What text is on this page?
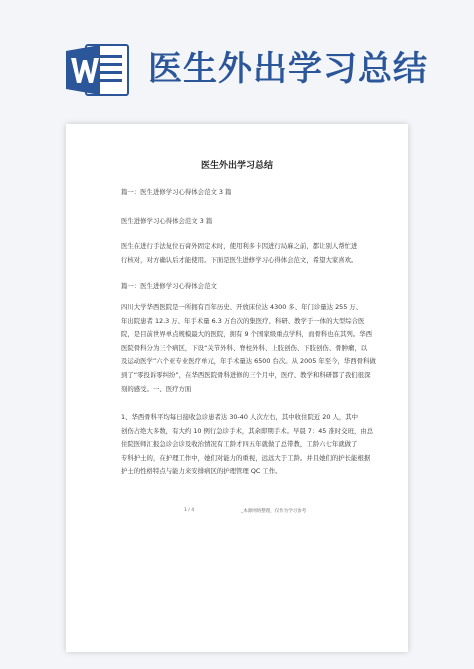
医生外出学习总结
医生外出学习总结
篇一：医生进修学习心得体会范文 3 篇
医生进修学习心得体会范文 3 篇
医生在进行手法复位石膏外固定术时，使用利多卡因进行局麻之前，都让别人帮忙进
行核对，对方确认后才能使用。下面是医生进修学习心得体会范文，希望大家喜欢。
篇一：医生进修学习心得体会范文
四川大学华西医院是一所拥有百年历史、开放床位达 4300 多、年门诊量达 255 万、
年出院患者 12.3 万、年手术量 6.3 万台次的集医疗、科研、教学于一体的大型综合医
院，是目前世界单点规模最大的医院，拥有 9 个国家级重点学科，而骨科也在其列。华西
医院骨科分为三个病区，下设“关节外科、脊柱外科、上肢创伤、下肢创伤、骨肿瘤，以
及运动医学”六个亚专业医疗单元，年手术量达 6500 台次。从 2005 年至今，华西骨科做
到了“零投诉零纠纷”，在华西医院骨科进修的三个月中，医疗、教学和科研都了我们很深
刻的感受。一、医疗方面
1、华西骨科平均每日接收急诊患者达 30-40 人次左右，其中收住院近 20 人，其中
创伤占绝大多数，有大约 10 例行急诊手术，其余即期手术。早晨 7：45 准时交班，由总
住院医师汇报急诊会诊及收治情况有工龄才四五年就做了总带教，工龄六七年就做了
专科护士的，在护理工作中，她们对能力的重视，远远大于工龄。并且她们的护长能根据
护士的性格特点与能力来安排病区的护理管理 QC 工作。
1 / 4	_本源网络整理，仅作为学习参考
